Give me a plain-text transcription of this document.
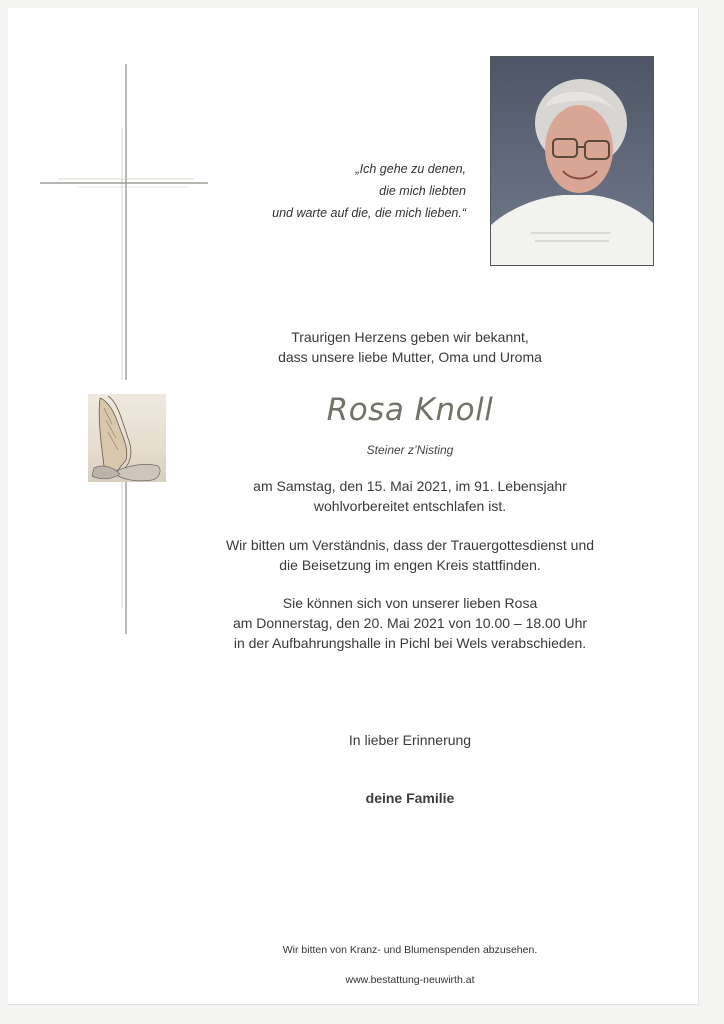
„Ich gehe zu denen,
die mich liebten
und warte auf die, die mich lieben.“
Traurigen Herzens geben wir bekannt,
dass unsere liebe Mutter, Oma und Uroma
Rosa Knoll
Steiner z’Nisting
am Samstag, den 15. Mai 2021, im 91. Lebensjahr
wohlvorbereitet entschlafen ist.
Wir bitten um Verständnis, dass der Trauergottesdienst und
die Beisetzung im engen Kreis stattfinden.
Sie können sich von unserer lieben Rosa
am Donnerstag, den 20. Mai 2021 von 10.00 – 18.00 Uhr
in der Aufbahrungshalle in Pichl bei Wels verabschieden.
In lieber Erinnerung
deine Familie
Wir bitten von Kranz- und Blumenspenden abzusehen.
www.bestattung-neuwirth.at
